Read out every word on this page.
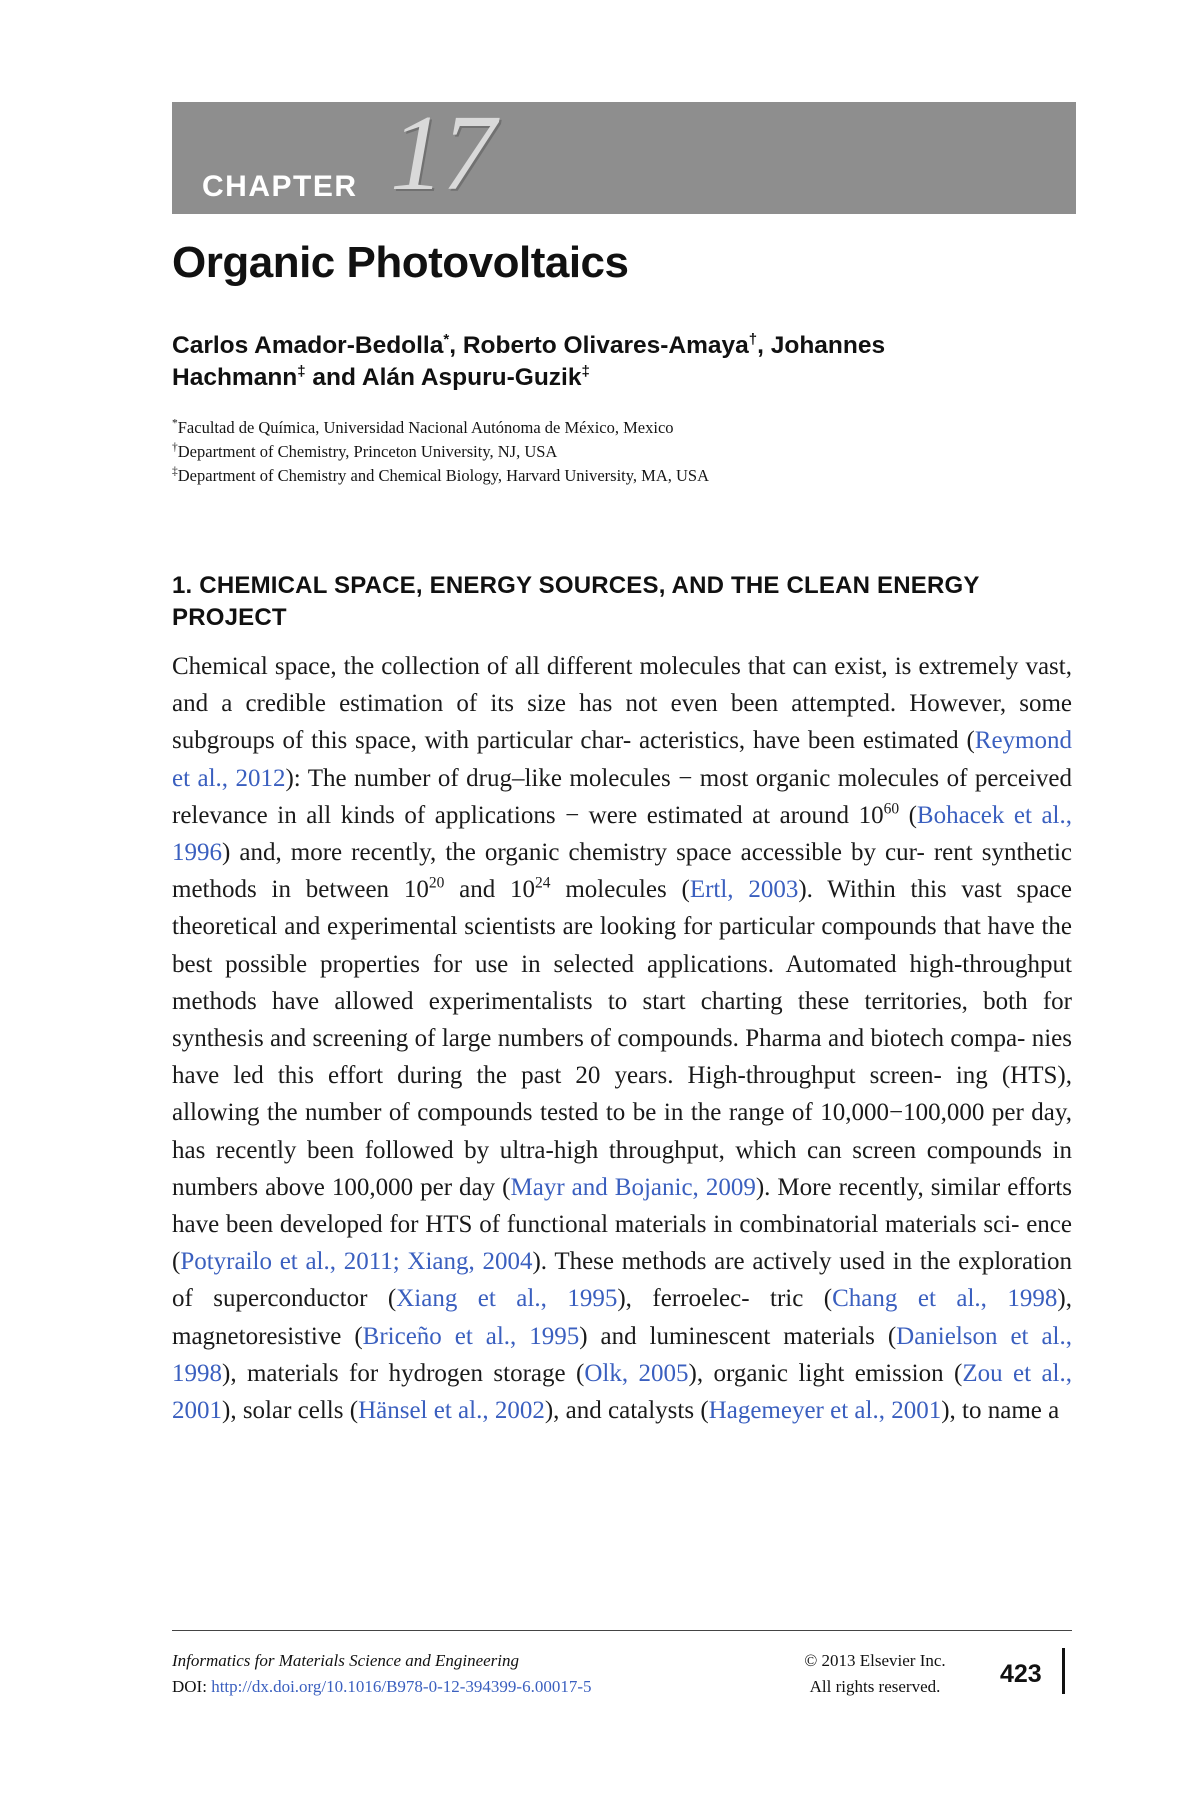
CHAPTER 17
Organic Photovoltaics
Carlos Amador-Bedolla*, Roberto Olivares-Amaya†, Johannes
Hachmann‡ and Alán Aspuru-Guzik‡
*Facultad de Química, Universidad Nacional Autónoma de México, Mexico
†Department of Chemistry, Princeton University, NJ, USA
‡Department of Chemistry and Chemical Biology, Harvard University, MA, USA
1. CHEMICAL SPACE, ENERGY SOURCES, AND THE CLEAN ENERGY PROJECT
Chemical space, the collection of all different molecules that can exist, is extremely vast, and a credible estimation of its size has not even been attempted. However, some subgroups of this space, with particular char- acteristics, have been estimated (Reymond et al., 2012): The number of drug–like molecules − most organic molecules of perceived relevance in all kinds of applications − were estimated at around $10^{60}$ (Bohacek et al., 1996) and, more recently, the organic chemistry space accessible by cur- rent synthetic methods in between $10^{20}$ and $10^{24}$ molecules (Ertl, 2003). Within this vast space theoretical and experimental scientists are looking for particular compounds that have the best possible properties for use in selected applications. Automated high-throughput methods have allowed experimentalists to start charting these territories, both for synthesis and screening of large numbers of compounds. Pharma and biotech compa- nies have led this effort during the past 20 years. High-throughput screen- ing (HTS), allowing the number of compounds tested to be in the range of 10,000−100,000 per day, has recently been followed by ultra-high throughput, which can screen compounds in numbers above 100,000 per day (Mayr and Bojanic, 2009). More recently, similar efforts have been developed for HTS of functional materials in combinatorial materials sci- ence (Potyrailo et al., 2011; Xiang, 2004). These methods are actively used in the exploration of superconductor (Xiang et al., 1995), ferroelec- tric (Chang et al., 1998), magnetoresistive (Briceño et al., 1995) and luminescent materials (Danielson et al., 1998), materials for hydrogen storage (Olk, 2005), organic light emission (Zou et al., 2001), solar cells (Hänsel et al., 2002), and catalysts (Hagemeyer et al., 2001), to name a
Informatics for Materials Science and Engineering
DOI: http://dx.doi.org/10.1016/B978-0-12-394399-6.00017-5
© 2013 Elsevier Inc.
All rights reserved.	423
